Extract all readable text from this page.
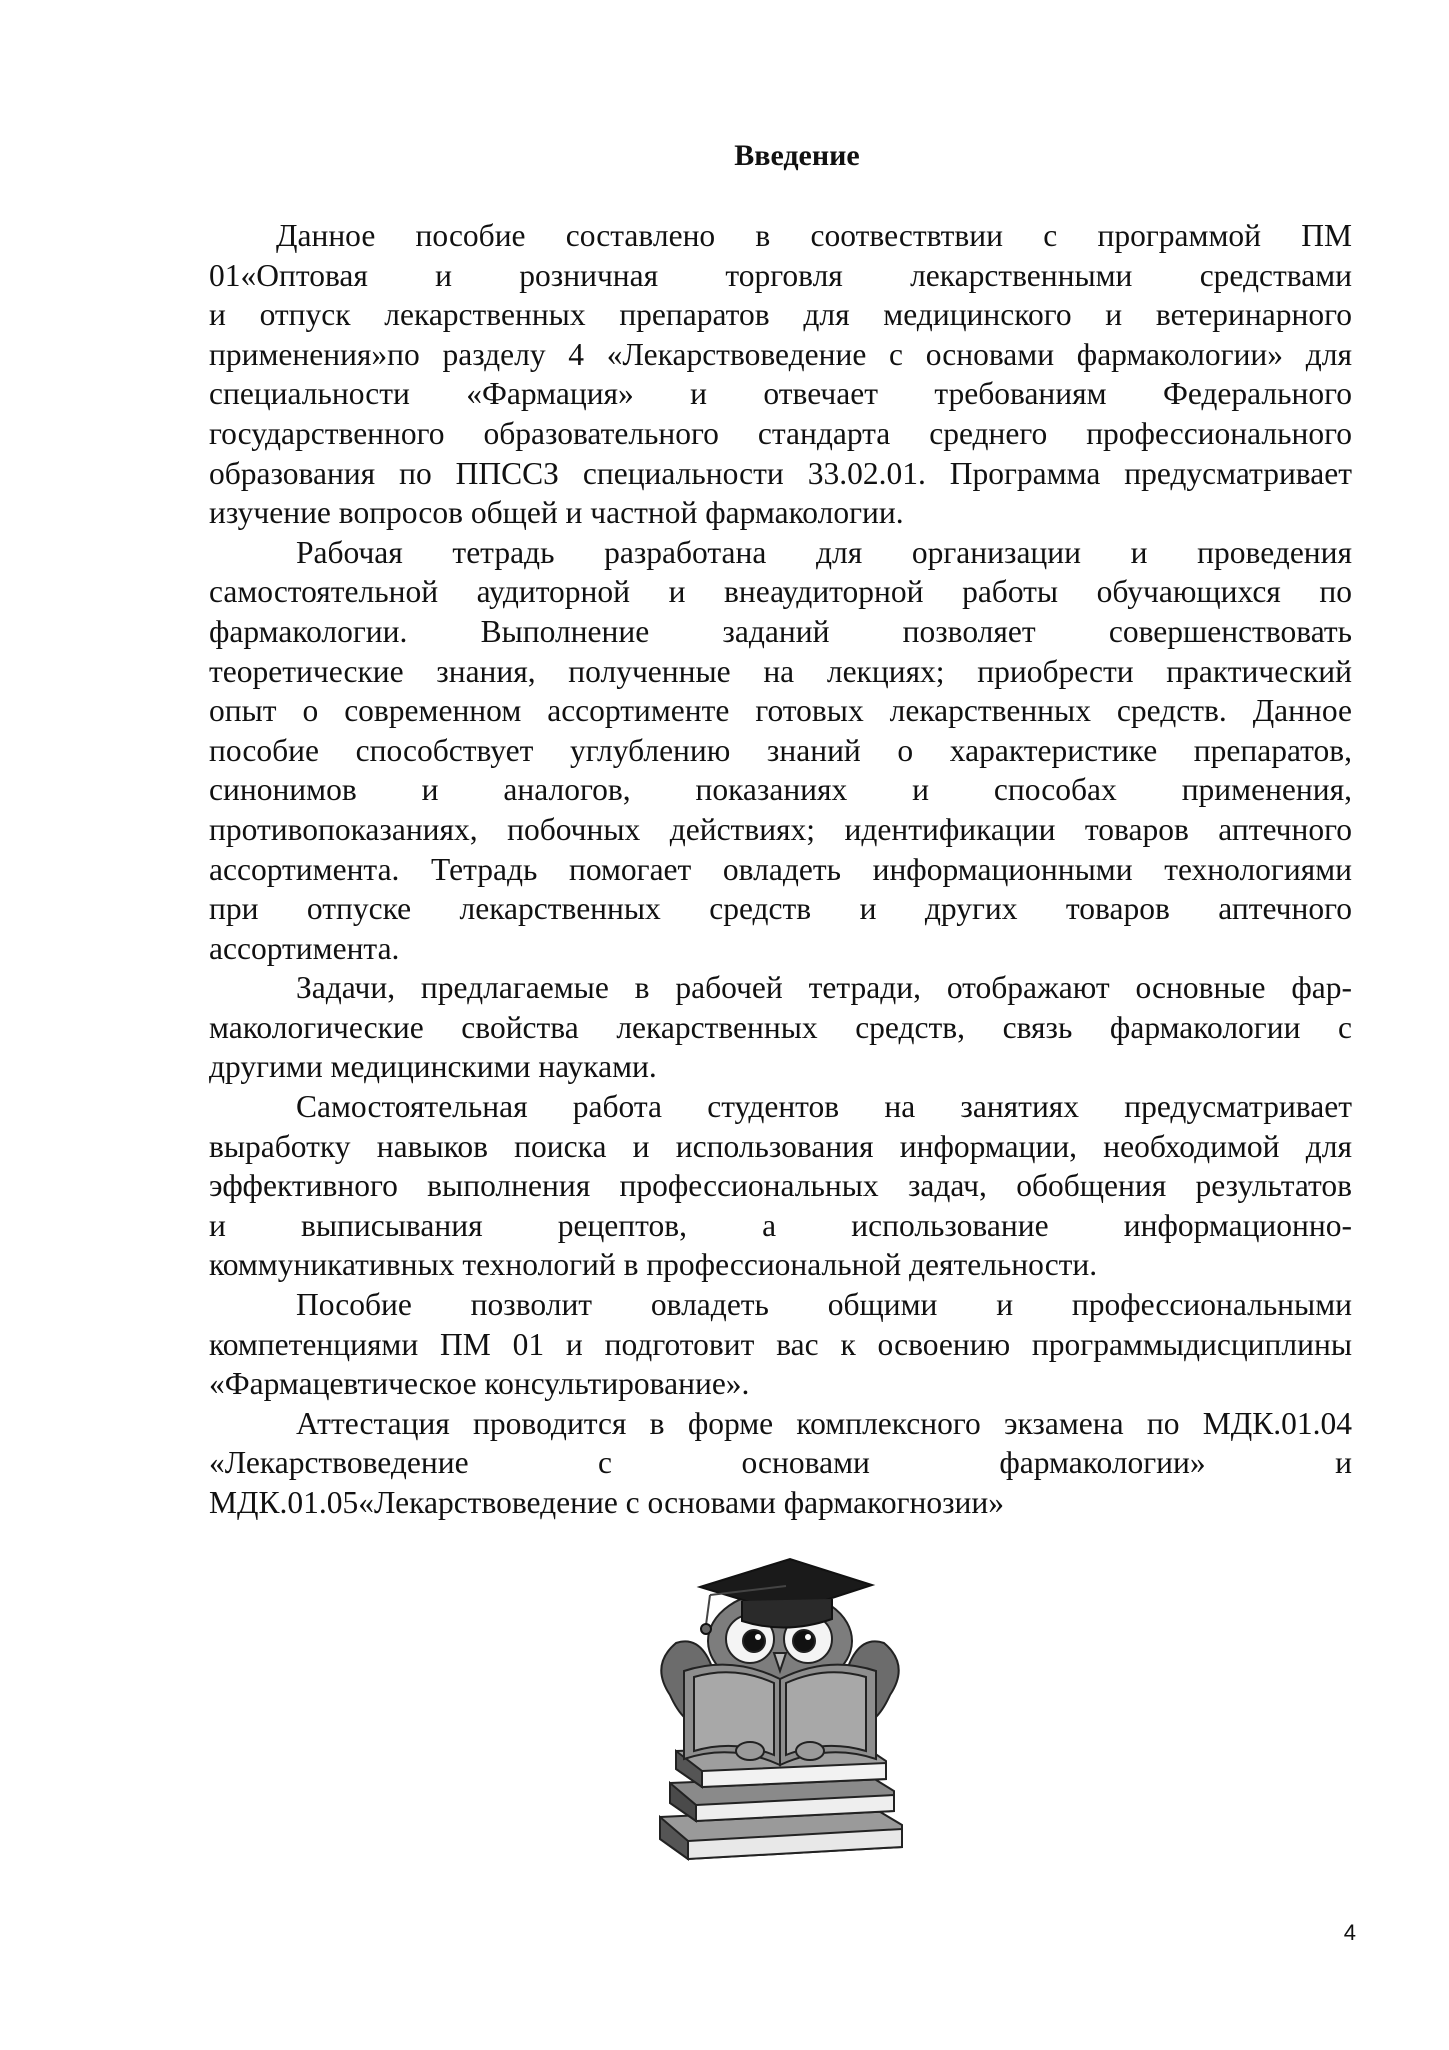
Введение

Данное пособие составлено в соотвествтвии с программой ПМ
01«Оптовая и розничная торговля лекарственными средствами
и отпуск лекарственных препаратов для медицинского и ветеринарного
применения»по разделу 4 «Лекарствоведение с основами фармакологии» для
специальности «Фармация» и отвечает требованиям Федерального
государственного образовательного стандарта среднего профессионального
образования по ППССЗ специальности 33.02.01. Программа предусматривает
изучение вопросов общей и частной фармакологии.

Рабочая тетрадь разработана для организации и проведения
самостоятельной аудиторной и внеаудиторной работы обучающихся по
фармакологии. Выполнение заданий позволяет совершенствовать
теоретические знания, полученные на лекциях; приобрести практический
опыт о современном ассортименте готовых лекарственных средств. Данное
пособие способствует углублению знаний о характеристике препаратов,
синонимов и аналогов, показаниях и способах применения,
противопоказаниях, побочных действиях; идентификации товаров аптечного
ассортимента. Тетрадь помогает овладеть информационными технологиями
при отпуске лекарственных средств и других товаров аптечного
ассортимента.

Задачи, предлагаемые в рабочей тетради, отображают основные фар-
макологические свойства лекарственных средств, связь фармакологии с
другими медицинскими науками.

Самостоятельная работа студентов на занятиях предусматривает
выработку навыков поиска и использования информации, необходимой для
эффективного выполнения профессиональных задач, обобщения результатов
и выписывания рецептов, а использование информационно-
коммуникативных технологий в профессиональной деятельности.

Пособие позволит овладеть общими и профессиональными
компетенциями ПМ 01 и подготовит вас к освоению программыдисциплины
«Фармацевтическое консультирование».

Аттестация проводится в форме комплексного экзамена по МДК.01.04
«Лекарствоведение с основами фармакологии» и
МДК.01.05«Лекарствоведение с основами фармакогнозии»

4
